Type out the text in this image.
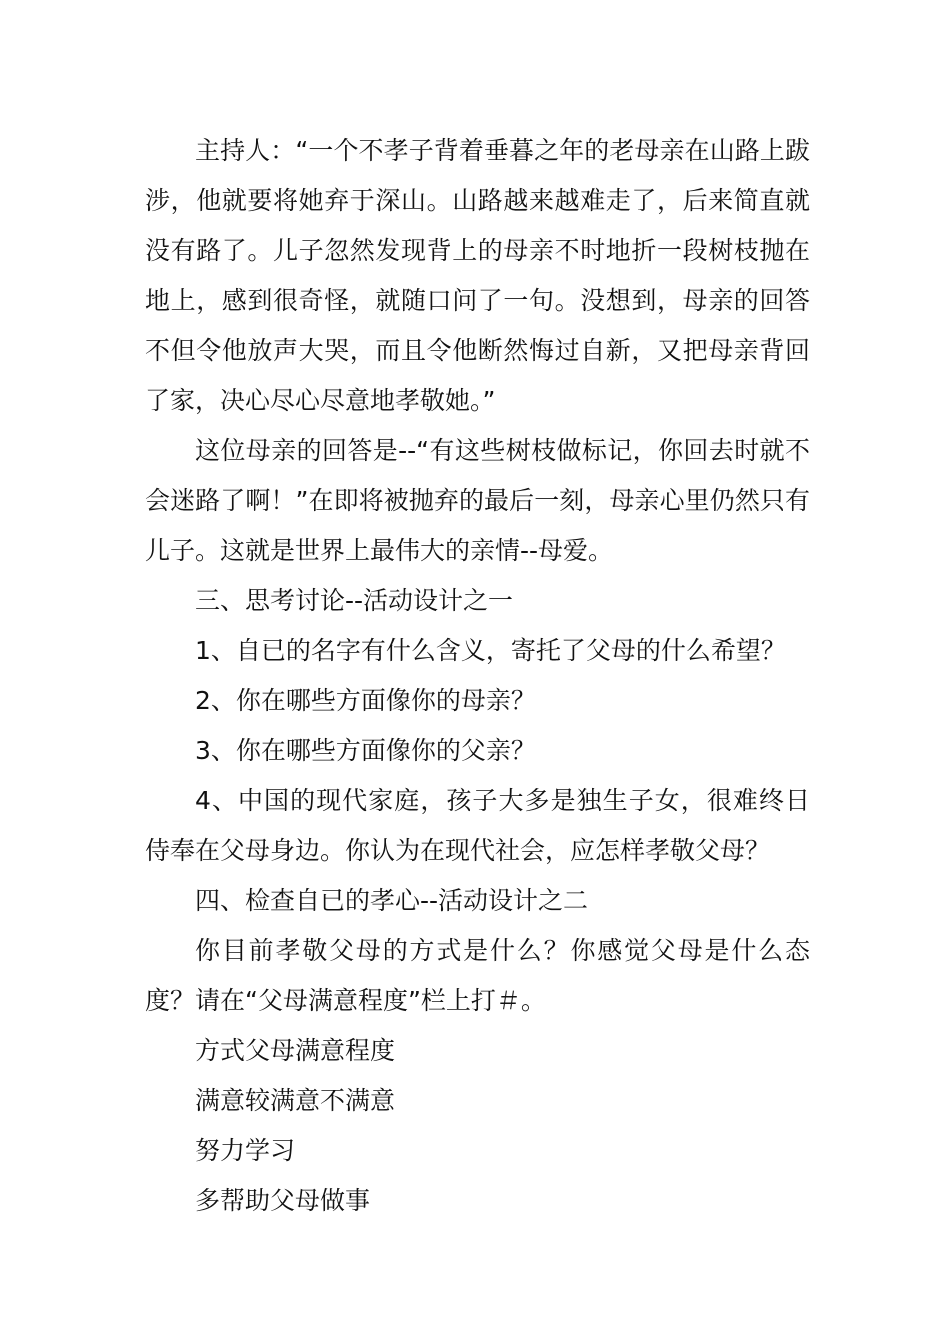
主持人：“一个不孝子背着垂暮之年的老母亲在山路上跋涉，他就要将她弃于深山。山路越来越难走了，后来简直就没有路了。儿子忽然发现背上的母亲不时地折一段树枝抛在地上，感到很奇怪，就随口问了一句。没想到，母亲的回答不但令他放声大哭，而且令他断然悔过自新，又把母亲背回了家，决心尽心尽意地孝敬她。”

这位母亲的回答是--“有这些树枝做标记，你回去时就不会迷路了啊！”在即将被抛弃的最后一刻，母亲心里仍然只有儿子。这就是世界上最伟大的亲情--母爱。

三、思考讨论--活动设计之一

1、自已的名字有什么含义，寄托了父母的什么希望？

2、你在哪些方面像你的母亲？

3、你在哪些方面像你的父亲？

4、中国的现代家庭，孩子大多是独生子女，很难终日侍奉在父母身边。你认为在现代社会，应怎样孝敬父母？

四、检查自已的孝心--活动设计之二

你目前孝敬父母的方式是什么？你感觉父母是什么态度？请在“父母满意程度”栏上打＃。

方式父母满意程度

满意较满意不满意

努力学习

多帮助父母做事
